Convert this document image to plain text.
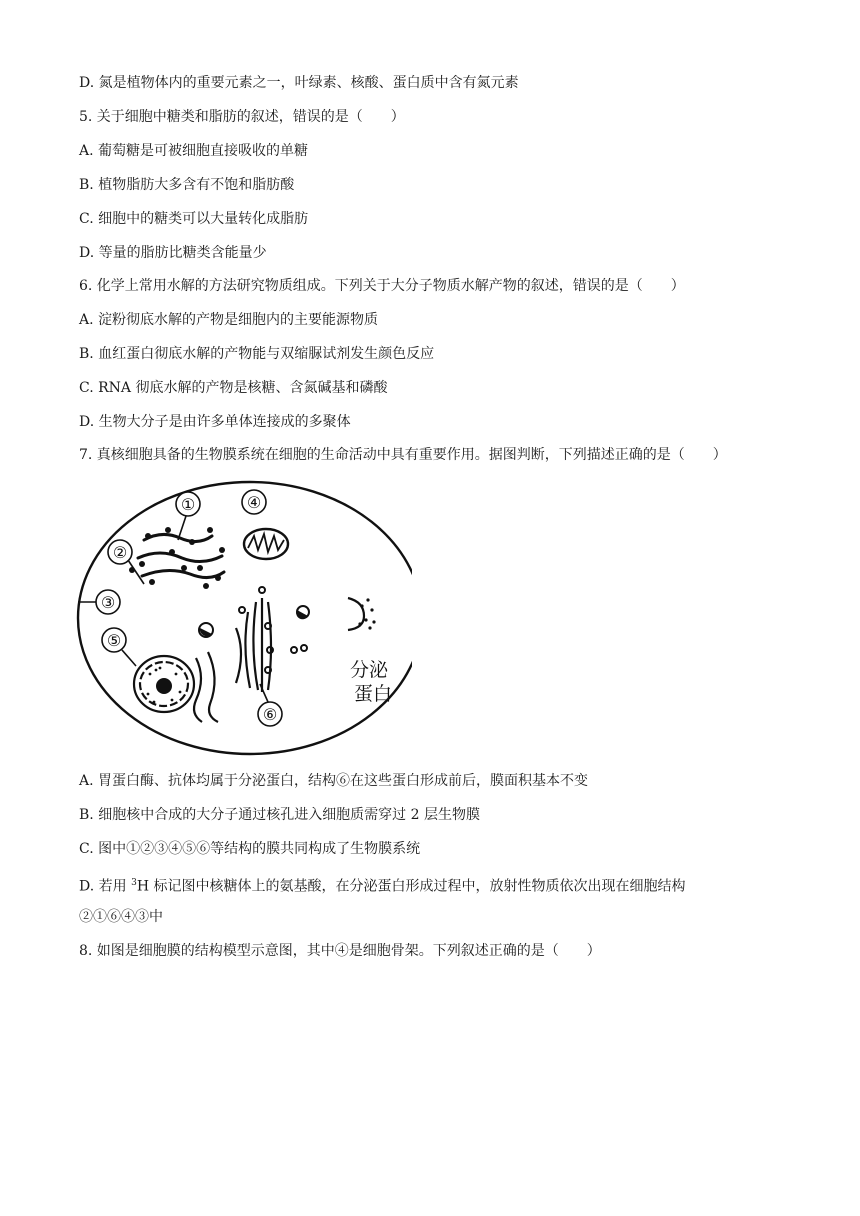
D. 氮是植物体内的重要元素之一，叶绿素、核酸、蛋白质中含有氮元素
5. 关于细胞中糖类和脂肪的叙述，错误的是（　　）
A. 葡萄糖是可被细胞直接吸收的单糖
B. 植物脂肪大多含有不饱和脂肪酸
C. 细胞中的糖类可以大量转化成脂肪
D. 等量的脂肪比糖类含能量少
6. 化学上常用水解的方法研究物质组成。下列关于大分子物质水解产物的叙述，错误的是（　　）
A. 淀粉彻底水解的产物是细胞内的主要能源物质
B. 血红蛋白彻底水解的产物能与双缩脲试剂发生颜色反应
C. RNA 彻底水解的产物是核糖、含氮碱基和磷酸
D. 生物大分子是由许多单体连接成的多聚体
7. 真核细胞具备的生物膜系统在细胞的生命活动中具有重要作用。据图判断，下列描述正确的是（　　）
①	④
②
③
⑤
⑥
分泌
蛋白
A. 胃蛋白酶、抗体均属于分泌蛋白，结构⑥在这些蛋白形成前后，膜面积基本不变
B. 细胞核中合成的大分子通过核孔进入细胞质需穿过 2 层生物膜
C. 图中①②③④⑤⑥等结构的膜共同构成了生物膜系统
D. 若用 $^3$H 标记图中核糖体上的氨基酸，在分泌蛋白形成过程中，放射性物质依次出现在细胞结构
②①⑥④③中
8. 如图是细胞膜的结构模型示意图，其中④是细胞骨架。下列叙述正确的是（　　）
